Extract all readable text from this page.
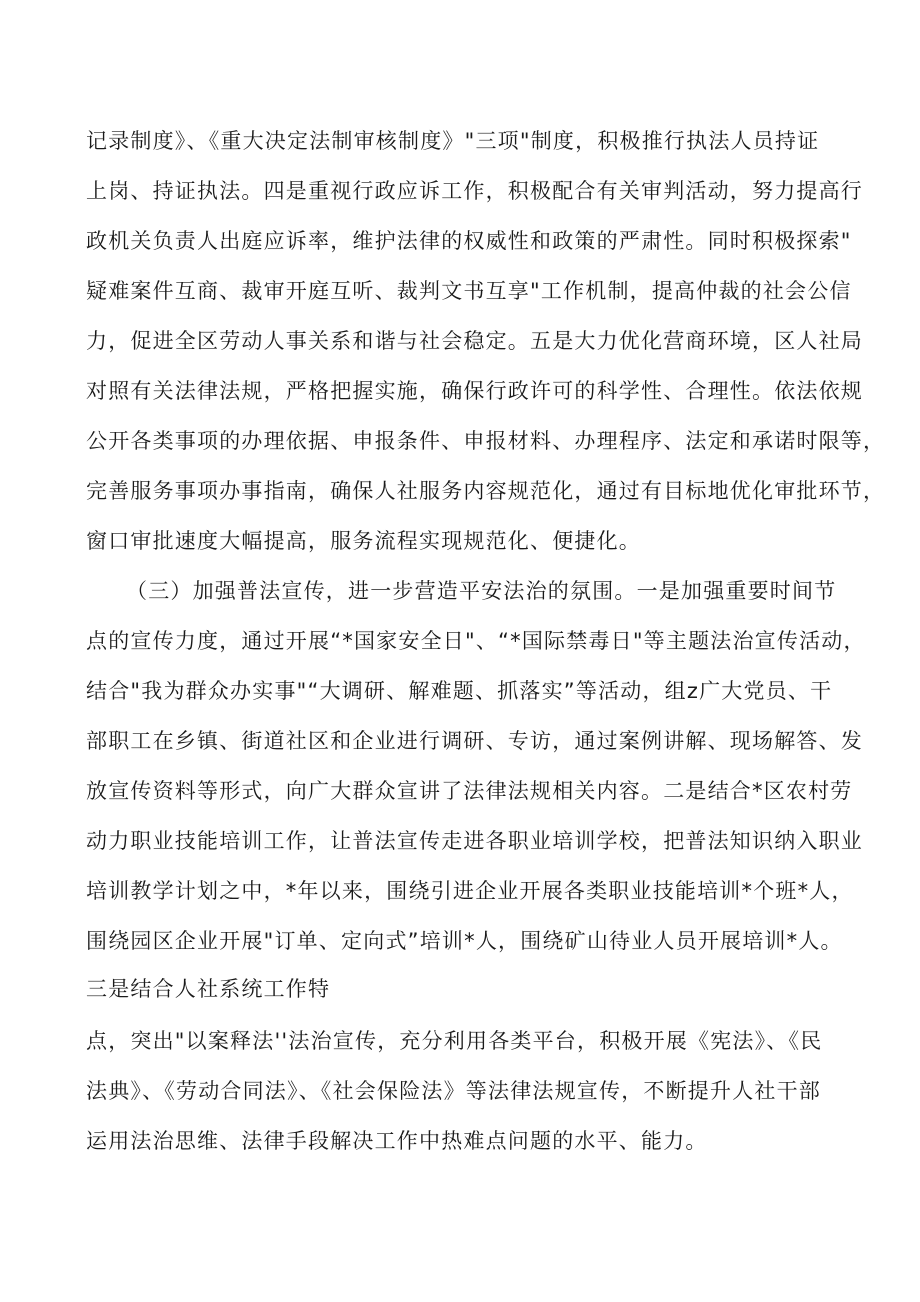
记录制度》、《重大决定法制审核制度》"三项"制度，积极推行执法人员持证
上岗、持证执法。四是重视行政应诉工作，积极配合有关审判活动，努力提高行
政机关负责人出庭应诉率，维护法律的权威性和政策的严肃性。同时积极探索"
疑难案件互商、裁审开庭互听、裁判文书互享"工作机制，提高仲裁的社会公信
力，促进全区劳动人事关系和谐与社会稳定。五是大力优化营商环境，区人社局
对照有关法律法规，严格把握实施，确保行政许可的科学性、合理性。依法依规
公开各类事项的办理依据、申报条件、申报材料、办理程序、法定和承诺时限等，
完善服务事项办事指南，确保人社服务内容规范化，通过有目标地优化审批环节，
窗口审批速度大幅提高，服务流程实现规范化、便捷化。
（三）加强普法宣传，进一步营造平安法治的氛围。一是加强重要时间节
点的宣传力度，通过开展“*国家安全日"、“*国际禁毒日"等主题法治宣传活动，
结合"我为群众办实事"“大调研、解难题、抓落实”等活动，组z广大党员、干
部职工在乡镇、街道社区和企业进行调研、专访，通过案例讲解、现场解答、发
放宣传资料等形式，向广大群众宣讲了法律法规相关内容。二是结合*区农村劳
动力职业技能培训工作，让普法宣传走进各职业培训学校，把普法知识纳入职业
培训教学计划之中，*年以来，围绕引进企业开展各类职业技能培训*个班*人，
围绕园区企业开展"订单、定向式”培训*人，围绕矿山待业人员开展培训*人。
三是结合人社系统工作特
点，突出"以案释法''法治宣传，充分利用各类平台，积极开展《宪法》、《民
法典》、《劳动合同法》、《社会保险法》等法律法规宣传，不断提升人社干部
运用法治思维、法律手段解决工作中热难点问题的水平、能力。
